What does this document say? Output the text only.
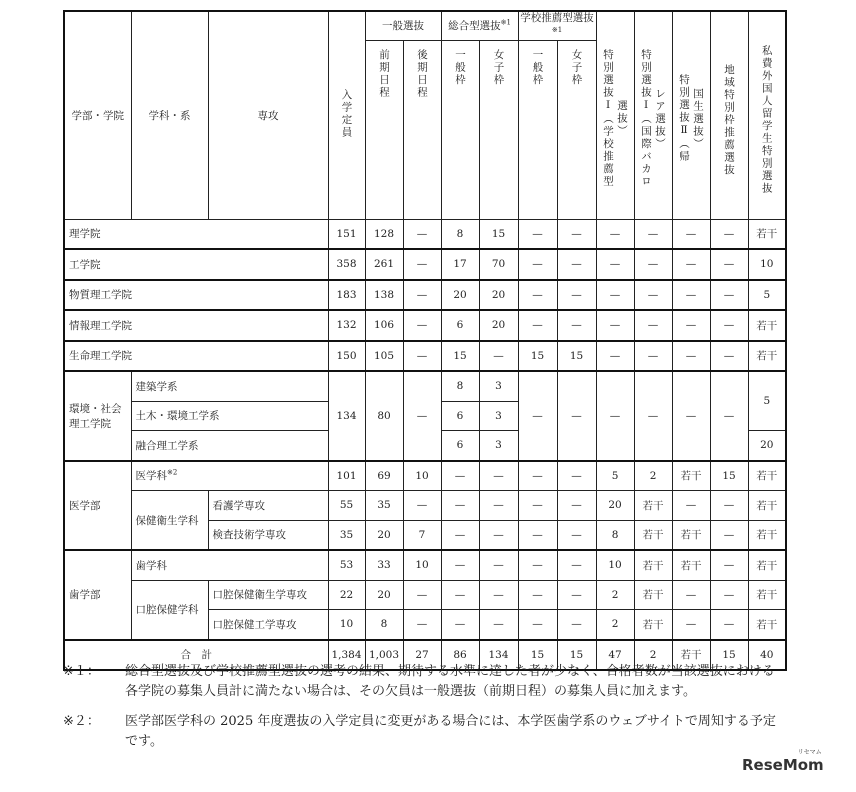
学部・学院	学科・系	専攻	入学定員	一般選抜		総合型選抜$^{※1}$		学校推薦型選抜$^{※1}$		特別選抜Ⅰ（学校推薦型選抜）	特別選抜Ⅰ（国際バカロレア選抜）	特別選抜Ⅱ（帰国生選抜）	地域特別枠推薦選抜	私費外国人留学生特別選抜
				前期日程	後期日程	一般枠	女子枠	一般枠	女子枠					
理学院			151	128	—	8	15	—	—	—	—	—	—	若干
工学院			358	261	—	17	70	—	—	—	—	—	—	10
物質理工学院			183	138	—	20	20	—	—	—	—	—	—	5
情報理工学院			132	106	—	6	20	—	—	—	—	—	—	若干
生命理工学院			150	105	—	15	—	15	15	—	—	—	—	若干
環境・社会理工学院	建築学系		134	80	—	8	3	—	—	—	—	—	—	5
	土木・環境工学系					6	3							
	融合理工学系					6	3							20
医学部	医学科$^{※2}$		101	69	10	—	—	—	—	5	2	若干	15	若干
	保健衛生学科	看護学専攻	55	35	—	—	—	—	—	20	若干	—	—	若干
		検査技術学専攻	35	20	7	—	—	—	—	8	若干	若干	—	若干
歯学部	歯学科		53	33	10	—	—	—	—	10	若干	若干	—	若干
	口腔保健学科	口腔保健衛生学専攻	22	20	—	—	—	—	—	2	若干	—	—	若干
		口腔保健工学専攻	10	8	—	—	—	—	—	2	若干	—	—	若干
合　計			1,384	1,003	27	86	134	15	15	47	2	若干	15	40
※１：	総合型選抜及び学校推薦型選抜の選考の結果、期待する水準に達した者が少なく、合格者数が当該選抜における各学院の募集人員計に満たない場合は、その欠員は一般選抜（前期日程）の募集人員に加えます。
※２：	医学部医学科の 2025 年度選抜の入学定員に変更がある場合には、本学医歯学系のウェブサイトで周知する予定です。
リセマム
ReseMom
